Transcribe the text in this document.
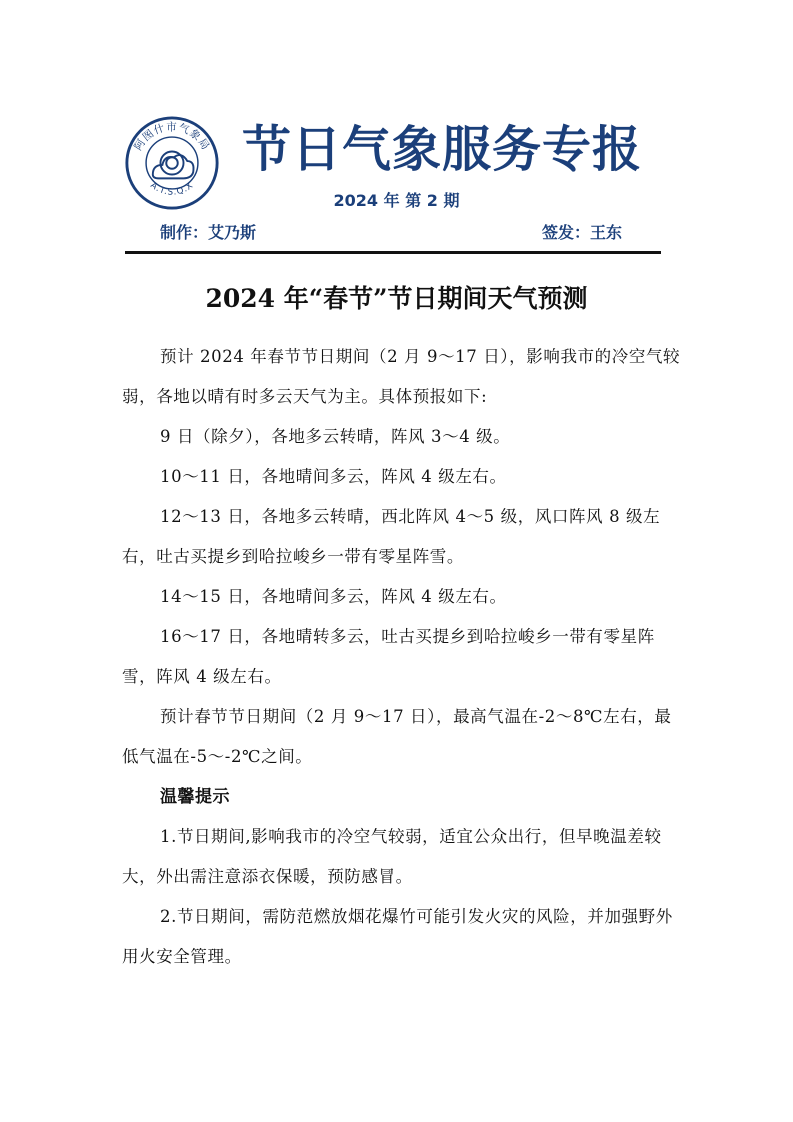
阿图什市气象局
A.T.S.Q.X
节日气象服务专报
2024 年 第 2 期
制作：艾乃斯	签发：王东
2024 年“春节”节日期间天气预测

预计 2024 年春节节日期间（2 月 9～17 日），影响我市的冷空气较弱，各地以晴有时多云天气为主。具体预报如下:

9 日（除夕），各地多云转晴，阵风 3～4 级。

10～11 日，各地晴间多云，阵风 4 级左右。

12～13 日，各地多云转晴，西北阵风 4～5 级，风口阵风 8 级左右，吐古买提乡到哈拉峻乡一带有零星阵雪。

14～15 日，各地晴间多云，阵风 4 级左右。

16～17 日，各地晴转多云，吐古买提乡到哈拉峻乡一带有零星阵雪，阵风 4 级左右。

预计春节节日期间（2 月 9～17 日），最高气温在-2～8℃左右，最低气温在-5～-2℃之间。

温馨提示

1.节日期间,影响我市的冷空气较弱，适宜公众出行，但早晚温差较大，外出需注意添衣保暖，预防感冒。

2.节日期间，需防范燃放烟花爆竹可能引发火灾的风险，并加强野外用火安全管理。
